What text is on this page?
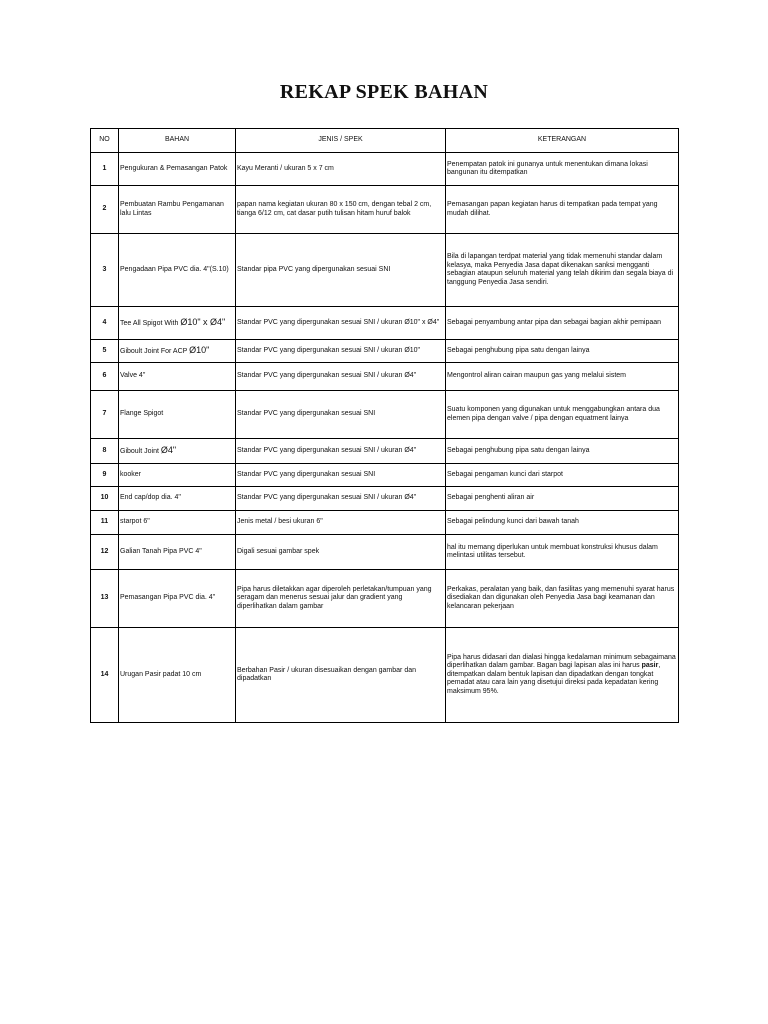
REKAP SPEK BAHAN
NO	BAHAN	JENIS / SPEK	KETERANGAN
1	Pengukuran & Pemasangan Patok	Kayu Meranti / ukuran 5 x 7 cm	Penempatan patok ini gunanya untuk menentukan dimana lokasi bangunan itu ditempatkan
2	Pembuatan Rambu Pengamanan lalu Lintas	papan nama kegiatan ukuran 80 x 150 cm, dengan tebal 2 cm, tianga 6/12 cm, cat dasar putih tulisan hitam huruf balok	Pemasangan papan kegiatan harus di tempatkan pada tempat yang mudah dilihat.
3	Pengadaan Pipa PVC dia. 4"(S.10)	Standar pipa PVC yang dipergunakan sesuai SNI	Bila di lapangan terdpat material yang tidak memenuhi standar dalam kelasya, maka Penyedia Jasa dapat dikenakan sanksi mengganti sebagian ataupun seluruh material yang telah dikirim dan segala biaya di tanggung Penyedia Jasa sendiri.
4	Tee All Spigot With Ø10" x Ø4"	Standar PVC yang dipergunakan sesuai SNI / ukuran Ø10" x Ø4"	Sebagai penyambung antar pipa dan sebagai bagian akhir pemipaan
5	Giboult Joint For ACP Ø10"	Standar PVC yang dipergunakan sesuai SNI / ukuran Ø10"	Sebagai penghubung pipa satu dengan lainya
6	Valve 4"	Standar PVC yang dipergunakan sesuai SNI / ukuran Ø4"	Mengontrol aliran cairan maupun gas yang melalui sistem
7	Flange Spigot	Standar PVC yang dipergunakan sesuai SNI	Suatu komponen yang digunakan untuk menggabungkan antara dua elemen pipa dengan valve / pipa dengan equatment lainya
8	Giboult Joint Ø4"	Standar PVC yang dipergunakan sesuai SNI / ukuran Ø4"	Sebagai penghubung pipa satu dengan lainya
9	kooker	Standar PVC yang dipergunakan sesuai SNI	Sebagai pengaman kunci dari starpot
10	End cap/dop dia. 4"	Standar PVC yang dipergunakan sesuai SNI / ukuran Ø4"	Sebagai penghenti aliran air
11	starpot 6"	Jenis metal / besi ukuran 6"	Sebagai pelindung kunci dari bawah tanah
12	Galian Tanah Pipa PVC 4"	Digali sesuai gambar spek	hal itu memang diperlukan untuk membuat konstruksi khusus dalam melintasi utilitas tersebut.
13	Pemasangan Pipa PVC dia. 4"	Pipa harus diletakkan agar diperoleh perletakan/tumpuan yang seragam dan menerus sesuai jalur dan gradient yang diperlihatkan dalam gambar	Perkakas, peralatan yang baik, dan fasilitas yang memenuhi syarat harus disediakan dan digunakan oleh Penyedia Jasa bagi keamanan dan kelancaran pekerjaan
14	Urugan Pasir padat 10 cm	Berbahan Pasir / ukuran disesuaikan dengan gambar dan dipadatkan	Pipa harus didasari dan dialasi hingga kedalaman minimum sebagaimana diperlihatkan dalam gambar. Bagan bagi lapisan alas ini harus pasir, ditempatkan dalam bentuk lapisan dan dipadatkan dengan tongkat pemadat atau cara lain yang disetujui direksi pada kepadatan kering maksimum 95%.
